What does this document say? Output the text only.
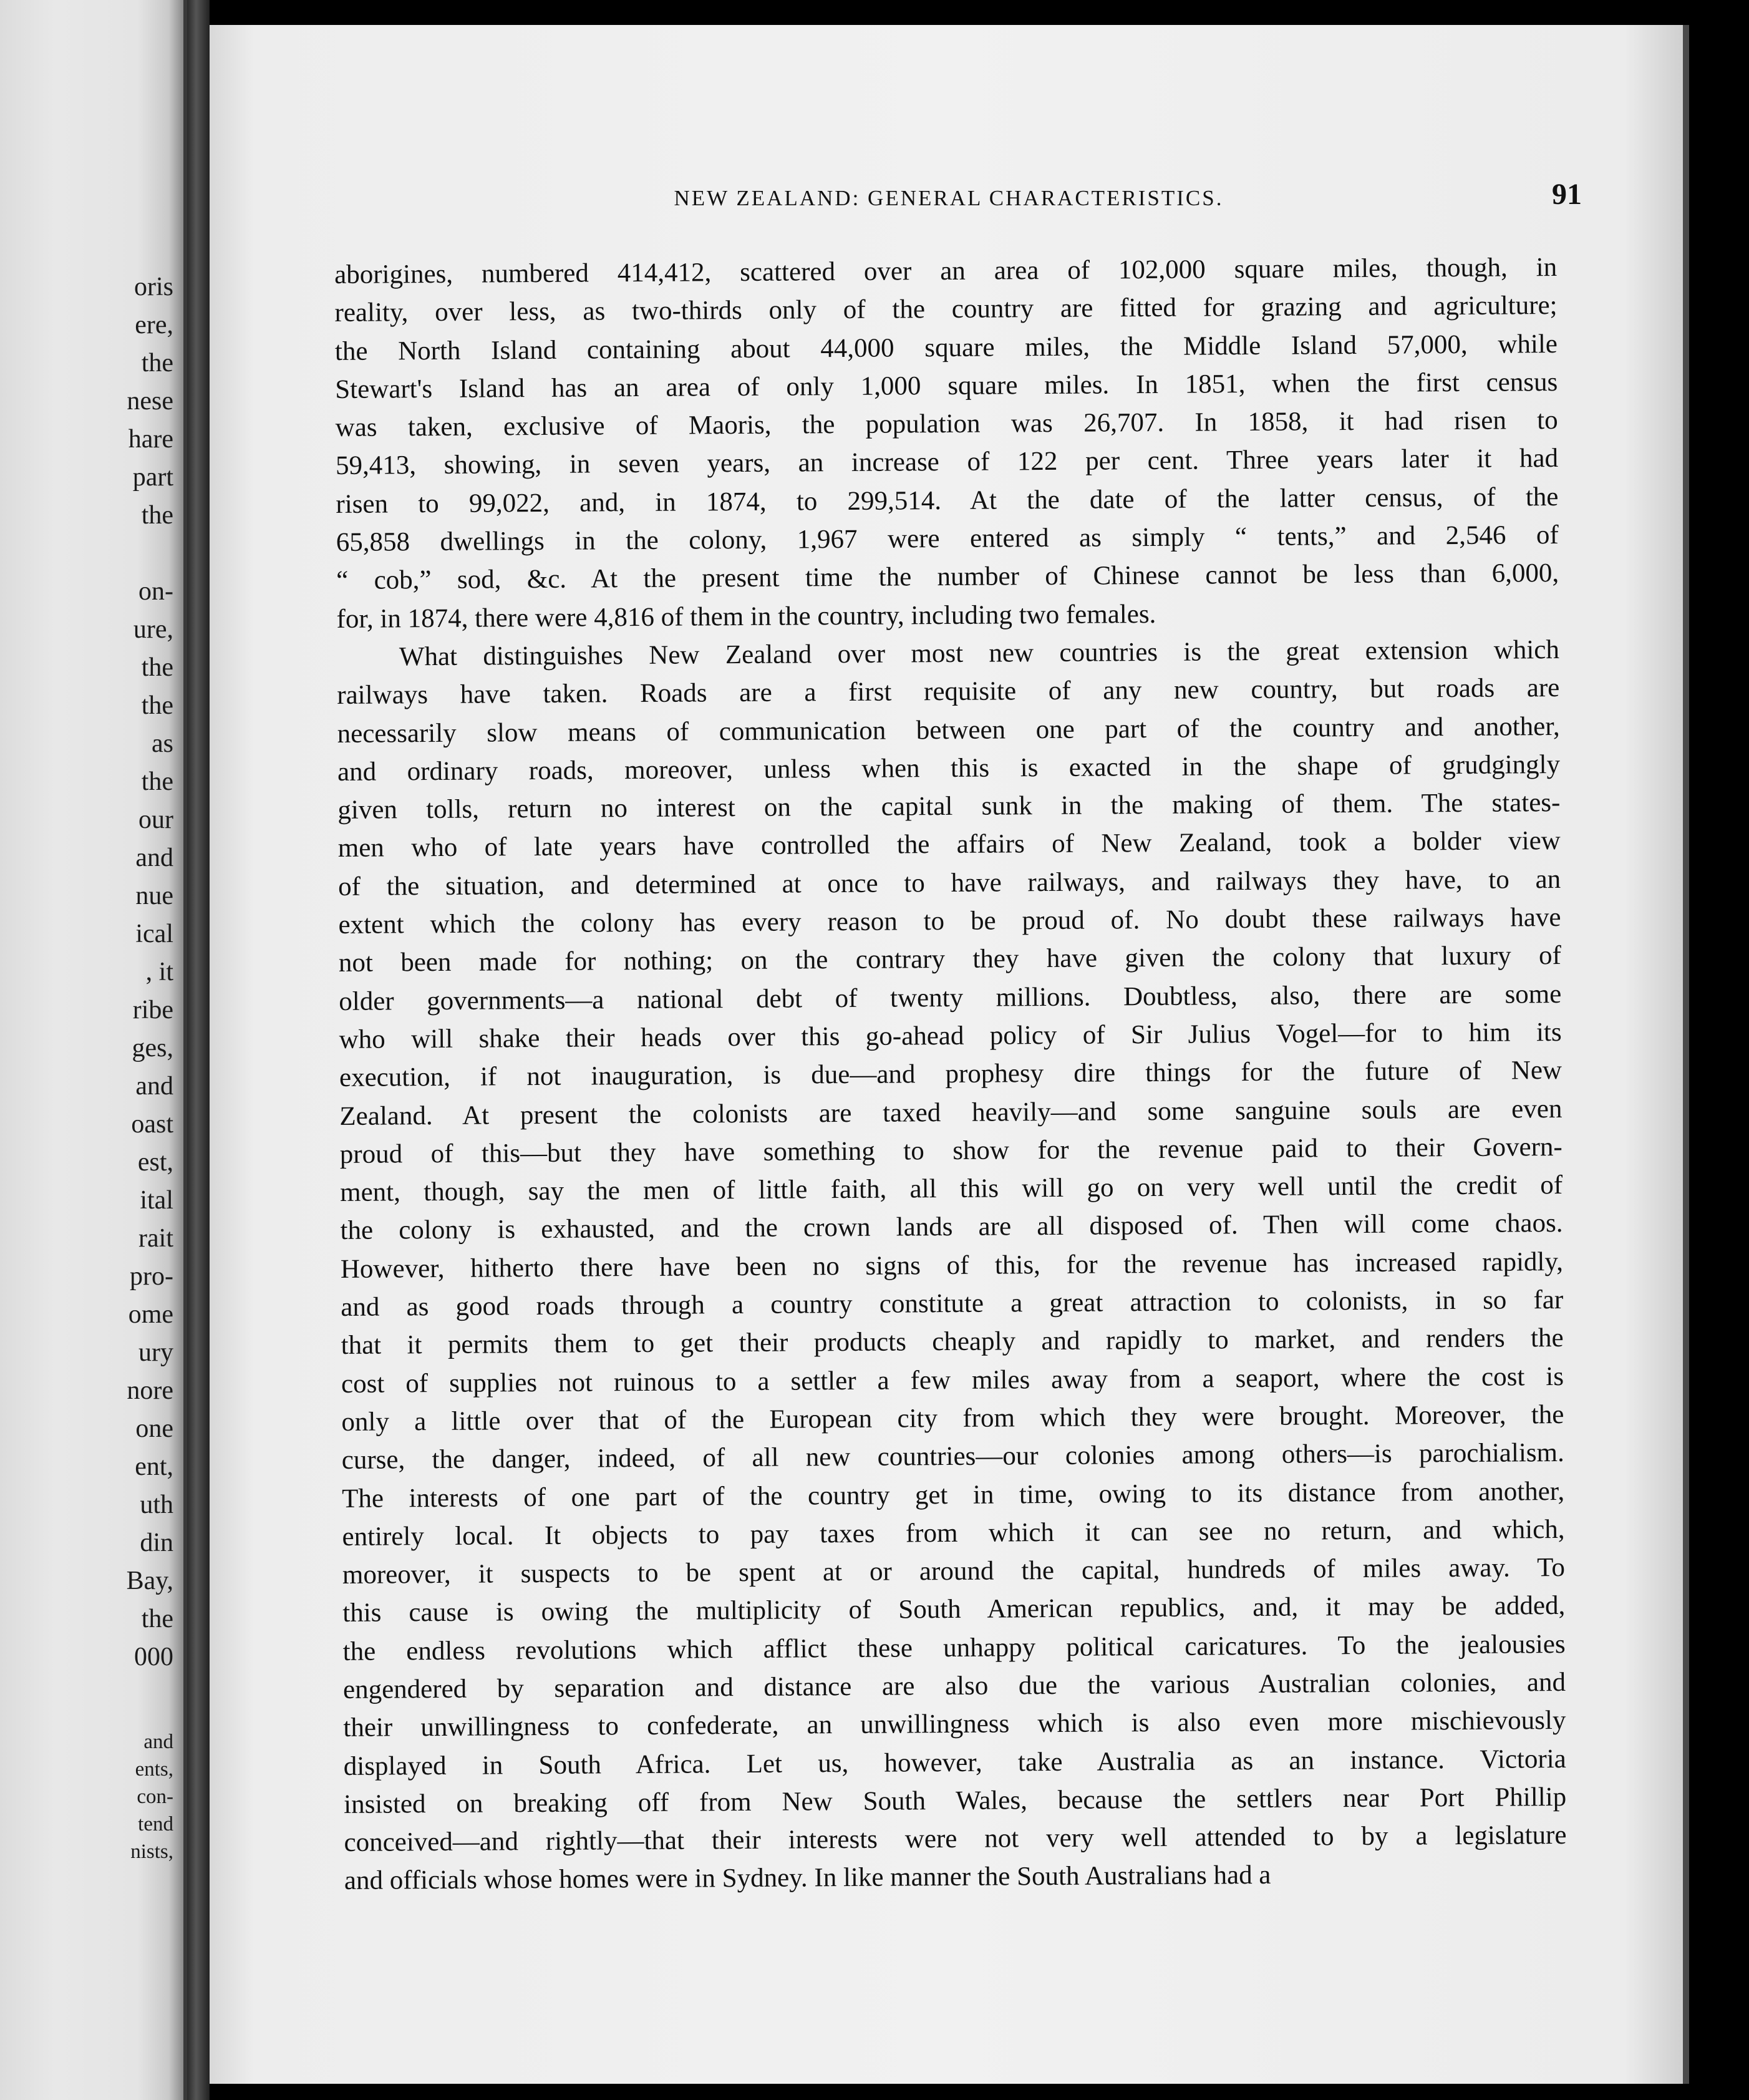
oris
ere,
the
nese
hare
part
the
on-
ure,
the
the
as
the
our
and
nue
ical
, it
ribe
ges,
and
oast
est,
ital
rait
pro-
ome
ury
nore
one
ent,
uth
din
Bay,
the
000
and
ents,
con-
tend
nists,
NEW ZEALAND: GENERAL CHARACTERISTICS.	91
aborigines, numbered 414,412, scattered over an area of 102,000 square miles, though, in
reality, over less, as two-thirds only of the country are fitted for grazing and agriculture;
the North Island containing about 44,000 square miles, the Middle Island 57,000, while
Stewart's Island has an area of only 1,000 square miles. In 1851, when the first census
was taken, exclusive of Maoris, the population was 26,707. In 1858, it had risen to
59,413, showing, in seven years, an increase of 122 per cent. Three years later it had
risen to 99,022, and, in 1874, to 299,514. At the date of the latter census, of the
65,858 dwellings in the colony, 1,967 were entered as simply “ tents,” and 2,546 of
“ cob,” sod, &c. At the present time the number of Chinese cannot be less than 6,000,
for, in 1874, there were 4,816 of them in the country, including two females.
What distinguishes New Zealand over most new countries is the great extension which
railways have taken. Roads are a first requisite of any new country, but roads are
necessarily slow means of communication between one part of the country and another,
and ordinary roads, moreover, unless when this is exacted in the shape of grudgingly
given tolls, return no interest on the capital sunk in the making of them. The states-
men who of late years have controlled the affairs of New Zealand, took a bolder view
of the situation, and determined at once to have railways, and railways they have, to an
extent which the colony has every reason to be proud of. No doubt these railways have
not been made for nothing; on the contrary they have given the colony that luxury of
older governments—a national debt of twenty millions. Doubtless, also, there are some
who will shake their heads over this go-ahead policy of Sir Julius Vogel—for to him its
execution, if not inauguration, is due—and prophesy dire things for the future of New
Zealand. At present the colonists are taxed heavily—and some sanguine souls are even
proud of this—but they have something to show for the revenue paid to their Govern-
ment, though, say the men of little faith, all this will go on very well until the credit of
the colony is exhausted, and the crown lands are all disposed of. Then will come chaos.
However, hitherto there have been no signs of this, for the revenue has increased rapidly,
and as good roads through a country constitute a great attraction to colonists, in so far
that it permits them to get their products cheaply and rapidly to market, and renders the
cost of supplies not ruinous to a settler a few miles away from a seaport, where the cost is
only a little over that of the European city from which they were brought. Moreover, the
curse, the danger, indeed, of all new countries—our colonies among others—is parochialism.
The interests of one part of the country get in time, owing to its distance from another,
entirely local. It objects to pay taxes from which it can see no return, and which,
moreover, it suspects to be spent at or around the capital, hundreds of miles away. To
this cause is owing the multiplicity of South American republics, and, it may be added,
the endless revolutions which afflict these unhappy political caricatures. To the jealousies
engendered by separation and distance are also due the various Australian colonies, and
their unwillingness to confederate, an unwillingness which is also even more mischievously
displayed in South Africa. Let us, however, take Australia as an instance. Victoria
insisted on breaking off from New South Wales, because the settlers near Port Phillip
conceived—and rightly—that their interests were not very well attended to by a legislature
and officials whose homes were in Sydney. In like manner the South Australians had a
